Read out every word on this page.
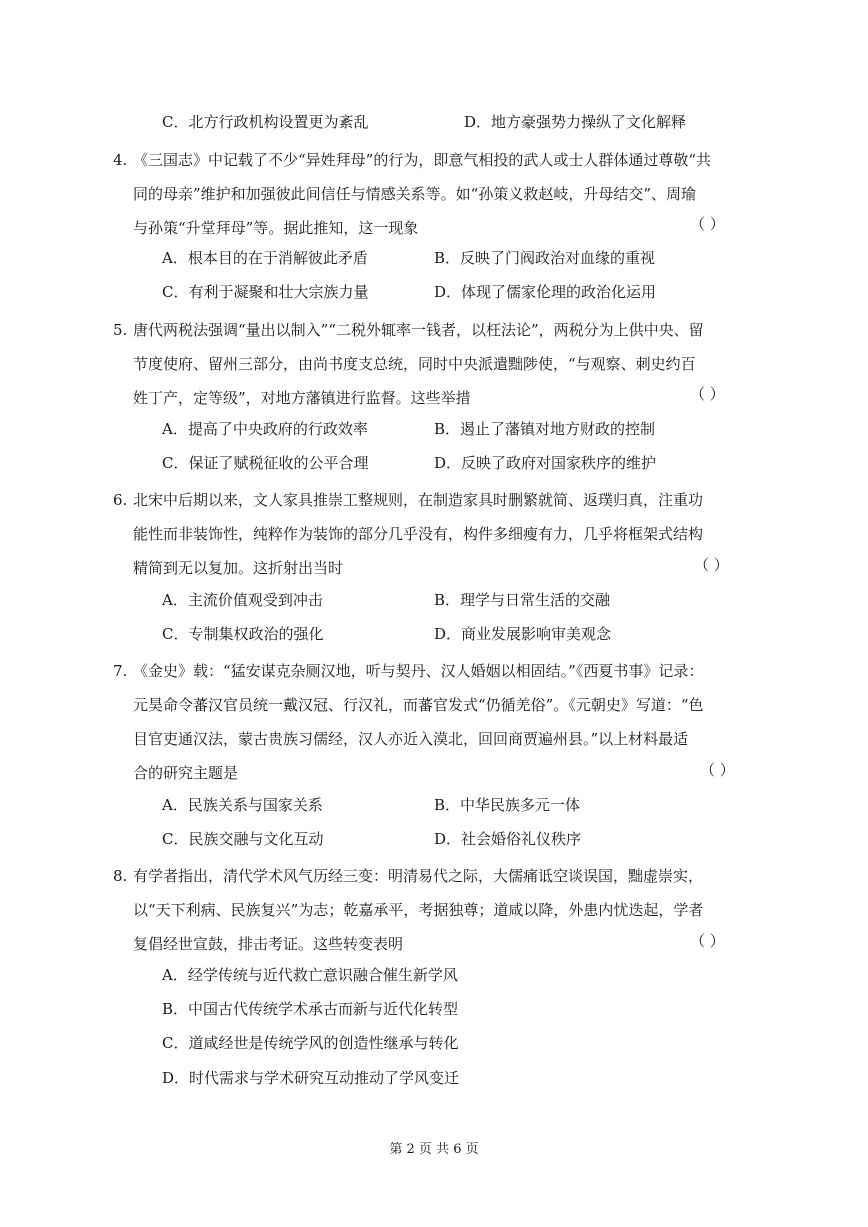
C．北方行政机构设置更为紊乱	D．地方豪强势力操纵了文化解释
4. 《三国志》中记载了不少“异姓拜母”的行为，即意气相投的武人或士人群体通过尊敬“共

同的母亲”维护和加强彼此间信任与情感关系等。如“孙策义救赵岐，升母结交”、周瑜

与孙策“升堂拜母”等。据此推知，这一现象	（ ）
A．根本目的在于消解彼此矛盾	B．反映了门阀政治对血缘的重视
C．有利于凝聚和壮大宗族力量	D．体现了儒家伦理的政治化运用
5. 唐代两税法强调“量出以制入”“二税外辄率一钱者，以枉法论”，两税分为上供中央、留

节度使府、留州三部分，由尚书度支总统，同时中央派遣黜陟使，“与观察、刺史约百

姓丁产，定等级”，对地方藩镇进行监督。这些举措	（ ）
A．提高了中央政府的行政效率	B．遏止了藩镇对地方财政的控制
C．保证了赋税征收的公平合理	D．反映了政府对国家秩序的维护
6. 北宋中后期以来，文人家具推崇工整规则，在制造家具时删繁就简、返璞归真，注重功

能性而非装饰性，纯粹作为装饰的部分几乎没有，构件多细瘦有力，几乎将框架式结构

精简到无以复加。这折射出当时	（ ）
A．主流价值观受到冲击	B．理学与日常生活的交融
C．专制集权政治的强化	D．商业发展影响审美观念
7. 《金史》载：“猛安谋克杂厕汉地，听与契丹、汉人婚姻以相固结。”《西夏书事》记录：

元昊命令蕃汉官员统一戴汉冠、行汉礼，而蕃官发式“仍循羌俗”。《元朝史》写道：“色

目官吏通汉法，蒙古贵族习儒经，汉人亦近入漠北，回回商贾遍州县。”以上材料最适

合的研究主题是	（ ）
A．民族关系与国家关系	B．中华民族多元一体
C．民族交融与文化互动	D．社会婚俗礼仪秩序
8. 有学者指出，清代学术风气历经三变：明清易代之际，大儒痛诋空谈误国，黜虚崇实，

以“天下利病、民族复兴”为志；乾嘉承平，考据独尊；道咸以降，外患内忧迭起，学者

复倡经世宣鼓，排击考证。这些转变表明	（ ）
A．经学传统与近代救亡意识融合催生新学风
B．中国古代传统学术承古而新与近代化转型
C．道咸经世是传统学风的创造性继承与转化
D．时代需求与学术研究互动推动了学风变迁
第 2 页 共 6 页
